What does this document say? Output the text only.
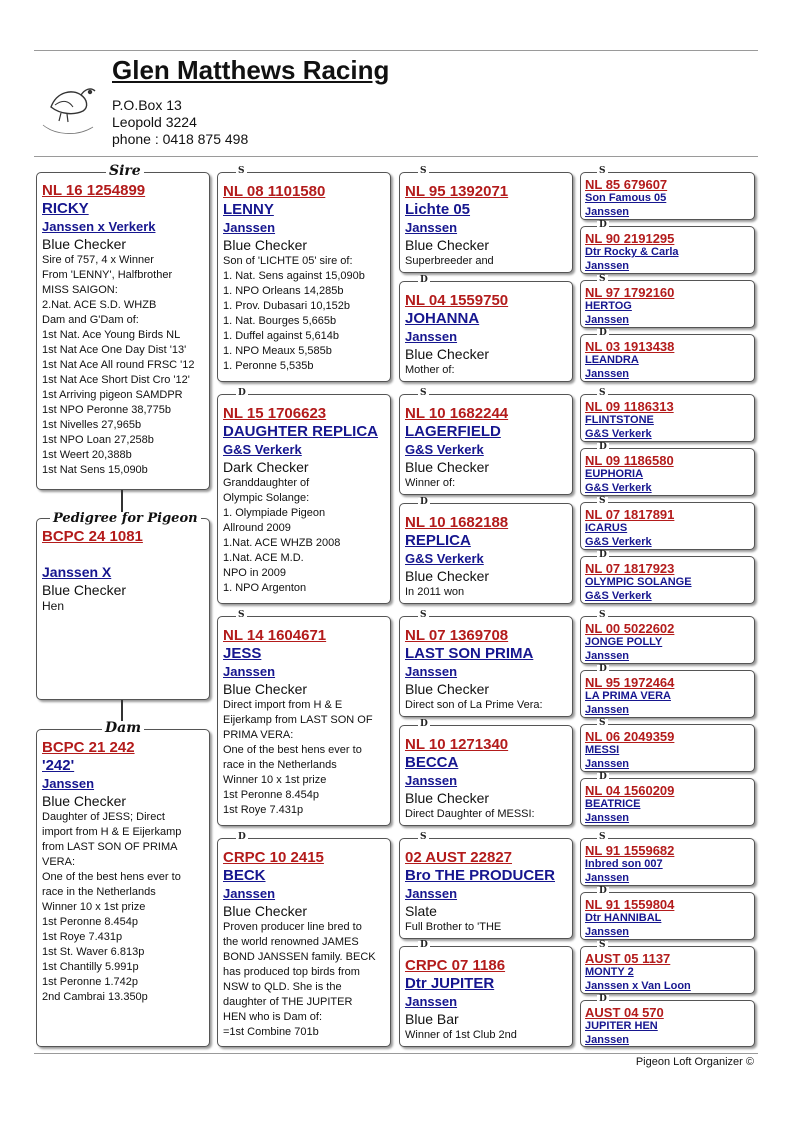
Glen Matthews Racing
P.O.Box 13
Leopold 3224
phone : 0418 875 498
NL 16 1254899
RICKY
Janssen x Verkerk
Blue Checker
Sire of 757, 4 x Winner
From 'LENNY', Halfbrother
MISS SAIGON:
2.Nat. ACE S.D. WHZB
Dam and G'Dam of:
1st Nat. Ace Young Birds NL
1st Nat Ace One Day Dist '13'
1st Nat Ace All round FRSC '12
1st Nat Ace Short Dist Cro '12'
1st Arriving pigeon SAMDPR
1st NPO Peronne 38,775b
1st Nivelles 27,965b
1st NPO Loan 27,258b
1st Weert 20,388b
1st Nat Sens 15,090b
Sire
BCPC 24 1081
Janssen X
Blue Checker
Hen
Pedigree for Pigeon
BCPC 21 242
'242'
Janssen
Blue Checker
Daughter of JESS; Direct
import from H & E Eijerkamp
from LAST SON OF PRIMA
VERA:
One of the best hens ever to
race in the Netherlands
Winner 10 x 1st prize
1st Peronne 8.454p
1st Roye 7.431p
1st St. Waver 6.813p
1st Chantilly 5.991p
1st Peronne 1.742p
2nd Cambrai 13.350p
Dam
NL 08 1101580
LENNY
Janssen
Blue Checker
Son of 'LICHTE 05' sire of:
1. Nat. Sens against 15,090b
1. NPO Orleans 14,285b
1. Prov. Dubasari 10,152b
1. Nat. Bourges 5,665b
1. Duffel against 5,614b
1. NPO Meaux 5,585b
1. Peronne 5,535b
S
NL 15 1706623
DAUGHTER REPLICA
G&S Verkerk
Dark Checker
Granddaughter of
Olympic Solange:
1. Olympiade Pigeon
Allround 2009
1.Nat. ACE WHZB 2008
1.Nat. ACE M.D.
NPO in 2009
1. NPO Argenton
D
NL 14 1604671
JESS
Janssen
Blue Checker
Direct import from H & E
Eijerkamp from LAST SON OF
PRIMA VERA:
One of the best hens ever to
race in the Netherlands
Winner 10 x 1st prize
1st Peronne 8.454p
1st Roye 7.431p
S
CRPC 10 2415
BECK
Janssen
Blue Checker
Proven producer line bred to
the world renowned JAMES
BOND JANSSEN family. BECK
has produced top birds from
NSW to QLD. She is the
daughter of THE JUPITER
HEN who is Dam of:
=1st Combine 701b
D
NL 95 1392071
Lichte 05
Janssen
Blue Checker
Superbreeder and
S
NL 04 1559750
JOHANNA
Janssen
Blue Checker
Mother of:
D
NL 10 1682244
LAGERFIELD
G&S Verkerk
Blue Checker
Winner of:
S
NL 10 1682188
REPLICA
G&S Verkerk
Blue Checker
In 2011 won
D
NL 07 1369708
LAST SON PRIMA
Janssen
Blue Checker
Direct son of La Prime Vera:
S
NL 10 1271340
BECCA
Janssen
Blue Checker
Direct Daughter of MESSI:
D
02 AUST 22827
Bro THE PRODUCER
Janssen
Slate
Full Brother to 'THE
S
CRPC 07 1186
Dtr JUPITER
Janssen
Blue Bar
Winner of 1st Club 2nd
D
NL 85 679607
Son Famous 05
Janssen
S
NL 90 2191295
Dtr Rocky & Carla
Janssen
D
NL 97 1792160
HERTOG
Janssen
S
NL 03 1913438
LEANDRA
Janssen
D
NL 09 1186313
FLINTSTONE
G&S Verkerk
S
NL 09 1186580
EUPHORIA
G&S Verkerk
D
NL 07 1817891
ICARUS
G&S Verkerk
S
NL 07 1817923
OLYMPIC SOLANGE
G&S Verkerk
D
NL 00 5022602
JONGE POLLY
Janssen
S
NL 95 1972464
LA PRIMA VERA
Janssen
D
NL 06 2049359
MESSI
Janssen
S
NL 04 1560209
BEATRICE
Janssen
D
NL 91 1559682
Inbred son 007
Janssen
S
NL 91 1559804
Dtr HANNIBAL
Janssen
D
AUST 05 1137
MONTY 2
Janssen x Van Loon
S
AUST 04 570
JUPITER HEN
Janssen
D
Pigeon Loft Organizer ©
